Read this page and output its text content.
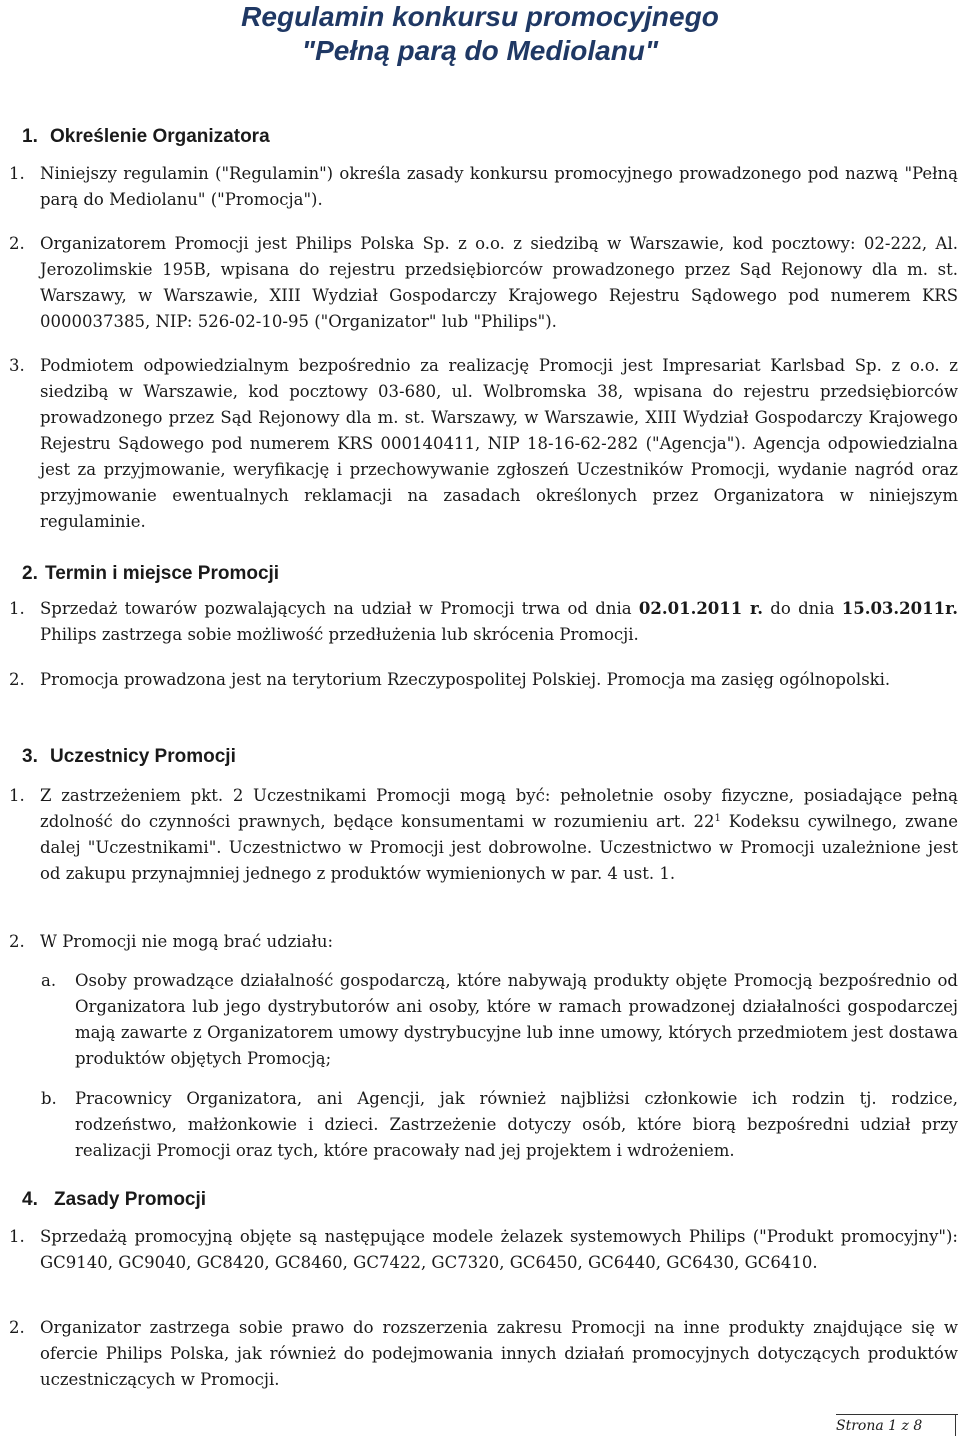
Regulamin konkursu promocyjnego
"Pełną parą do Mediolanu"
1. Określenie Organizatora
1. Niniejszy regulamin ("Regulamin") określa zasady konkursu promocyjnego prowadzonego pod nazwą "Pełną parą do Mediolanu" ("Promocja").
2. Organizatorem Promocji jest Philips Polska Sp. z o.o. z siedzibą w Warszawie, kod pocztowy: 02-222, Al. Jerozolimskie 195B, wpisana do rejestru przedsiębiorców prowadzonego przez Sąd Rejonowy dla m. st. Warszawy, w Warszawie, XIII Wydział Gospodarczy Krajowego Rejestru Sądowego pod numerem KRS 0000037385, NIP: 526-02-10-95 ("Organizator" lub "Philips").
3. Podmiotem odpowiedzialnym bezpośrednio za realizację Promocji jest Impresariat Karlsbad Sp. z o.o. z siedzibą w Warszawie, kod pocztowy 03-680, ul. Wolbromska 38, wpisana do rejestru przedsiębiorców prowadzonego przez Sąd Rejonowy dla m. st. Warszawy, w Warszawie, XIII Wydział Gospodarczy Krajowego Rejestru Sądowego pod numerem KRS 000140411, NIP 18-16-62-282 ("Agencja"). Agencja odpowiedzialna jest za przyjmowanie, weryfikację i przechowywanie zgłoszeń Uczestników Promocji, wydanie nagród oraz przyjmowanie ewentualnych reklamacji na zasadach określonych przez Organizatora w niniejszym regulaminie.
2. Termin i miejsce Promocji
1. Sprzedaż towarów pozwalających na udział w Promocji trwa od dnia 02.01.2011 r. do dnia 15.03.2011r. Philips zastrzega sobie możliwość przedłużenia lub skrócenia Promocji.
2. Promocja prowadzona jest na terytorium Rzeczypospolitej Polskiej. Promocja ma zasięg ogólnopolski.
3. Uczestnicy Promocji
1. Z zastrzeżeniem pkt. 2 Uczestnikami Promocji mogą być: pełnoletnie osoby fizyczne, posiadające pełną zdolność do czynności prawnych, będące konsumentami w rozumieniu art. $22^1$ Kodeksu cywilnego, zwane dalej "Uczestnikami". Uczestnictwo w Promocji jest dobrowolne. Uczestnictwo w Promocji uzależnione jest od zakupu przynajmniej jednego z produktów wymienionych w par. 4 ust. 1.
2. W Promocji nie mogą brać udziału:
a. Osoby prowadzące działalność gospodarczą, które nabywają produkty objęte Promocją bezpośrednio od Organizatora lub jego dystrybutorów ani osoby, które w ramach prowadzonej działalności gospodarczej mają zawarte z Organizatorem umowy dystrybucyjne lub inne umowy, których przedmiotem jest dostawa produktów objętych Promocją;
b. Pracownicy Organizatora, ani Agencji, jak również najbliżsi członkowie ich rodzin tj. rodzice, rodzeństwo, małżonkowie i dzieci. Zastrzeżenie dotyczy osób, które biorą bezpośredni udział przy realizacji Promocji oraz tych, które pracowały nad jej projektem i wdrożeniem.
4. Zasady Promocji
1. Sprzedażą promocyjną objęte są następujące modele żelazek systemowych Philips ("Produkt promocyjny"): GC9140, GC9040, GC8420, GC8460, GC7422, GC7320, GC6450, GC6440, GC6430, GC6410.
2. Organizator zastrzega sobie prawo do rozszerzenia zakresu Promocji na inne produkty znajdujące się w ofercie Philips Polska, jak również do podejmowania innych działań promocyjnych dotyczących produktów uczestniczących w Promocji.
Strona 1 z 8
